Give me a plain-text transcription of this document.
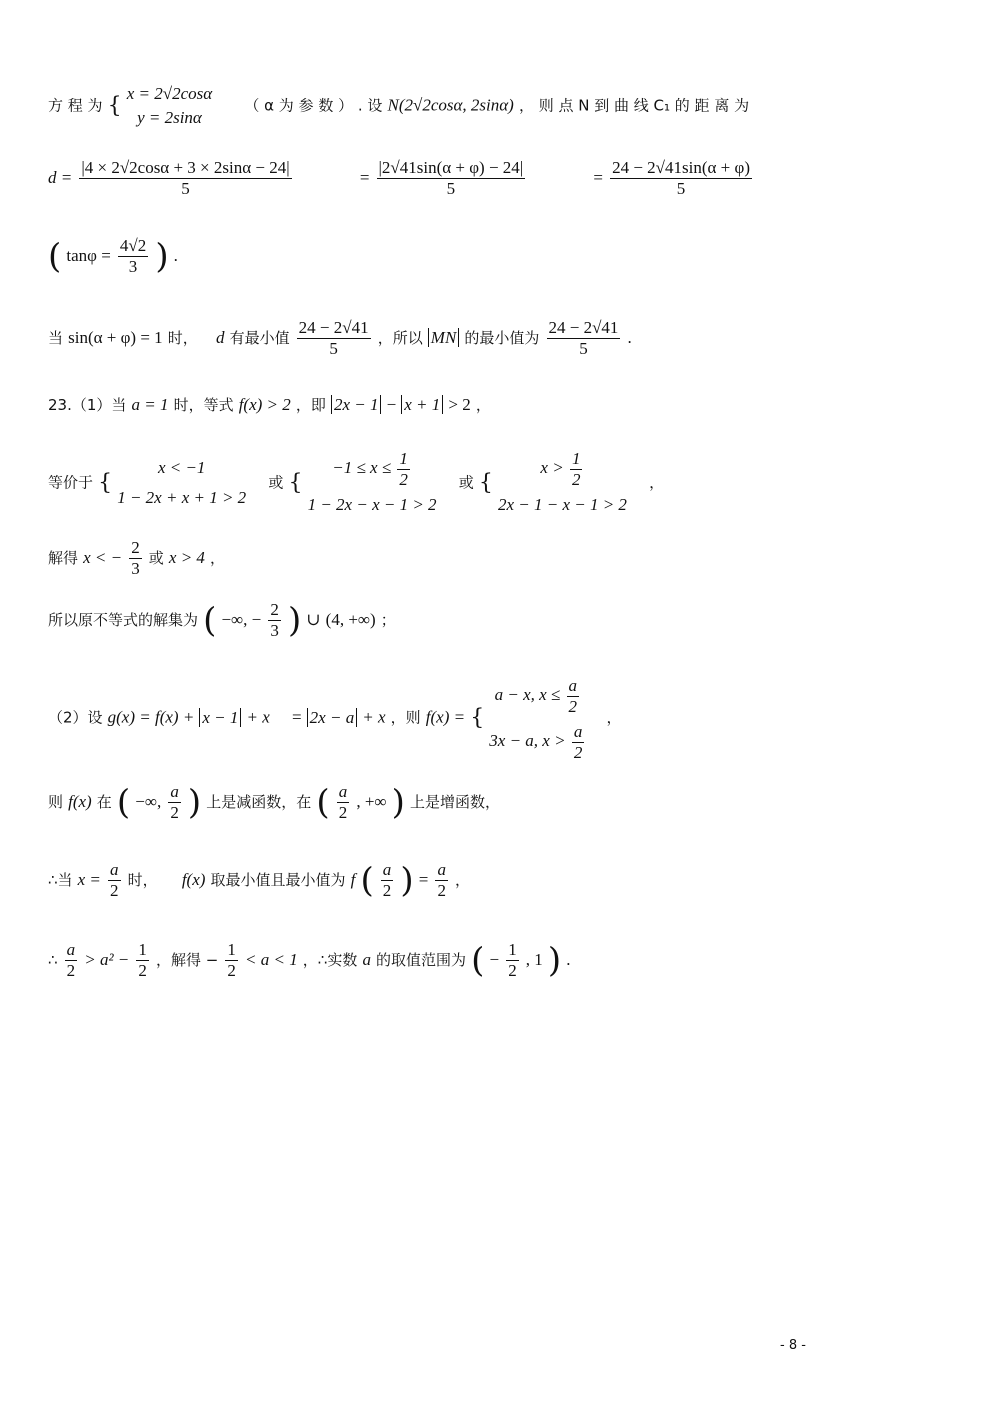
方 程 为 { x = 2√2cosα
y = 2sinα
（ α 为 参 数 ） . 设 N(2√2cosα, 2sinα) ， 则 点 N 到 曲 线 C₁ 的 距 离 为
$d = \frac{|4 \times 2√2\cos\alpha + 3 \times 2\sin\alpha - 24|}{5}$	= $\frac{|2√41\sin(\alpha + \varphi) - 24|}{5}$	= $\frac{24 - 2√41\sin(\alpha + \varphi)}{5}$
( $\tan\varphi = \frac{4√2}{3}$ ) .
当 sin(α + φ) = 1 时， d 有最小值 $\frac{24 - 2√41}{5}$ ，所以 MN 的最小值为 $\frac{24 - 2√41}{5}$ .
23.（1）当 a = 1 时，等式 f(x) > 2 ，即 2x − 1 − x + 1 > 2 ，
等价于 {
x < −1
1 − 2x + x + 1 > 2
或 {
$-1 \le x \le \frac{1}{2}$
1 − 2x − x − 1 > 2
或 {
$x > \frac{1}{2}$
2x − 1 − x − 1 > 2
，
解得 x < − $\frac{2}{3}$ 或 x > 4 ，
所以原不等式的解集为 ( −∞, − $\frac{2}{3}$ ) ∪ (4, +∞) ；
（2）设 g(x) = f(x) + x − 1 + x = 2x − a + x ，则 f(x) = {
a − x, $x \le \frac{a}{2}$
3x − a, $x > \frac{a}{2}$
，
则 f(x) 在 ( −∞, $\frac{a}{2}$ ) 上是减函数，在 ( $\frac{a}{2}$ , +∞ ) 上是增函数，
∴当 $x = \frac{a}{2}$ 时， f(x) 取最小值且最小值为 f ( $\frac{a}{2}$ ) = $\frac{a}{2}$ ，
∴ $\frac{a}{2} > a^2 - \frac{1}{2}$ ，解得 − $\frac{1}{2} < a < 1$ ，∴实数 a 的取值范围为 ( − $\frac{1}{2}$ , 1 ) .
- 8 -
